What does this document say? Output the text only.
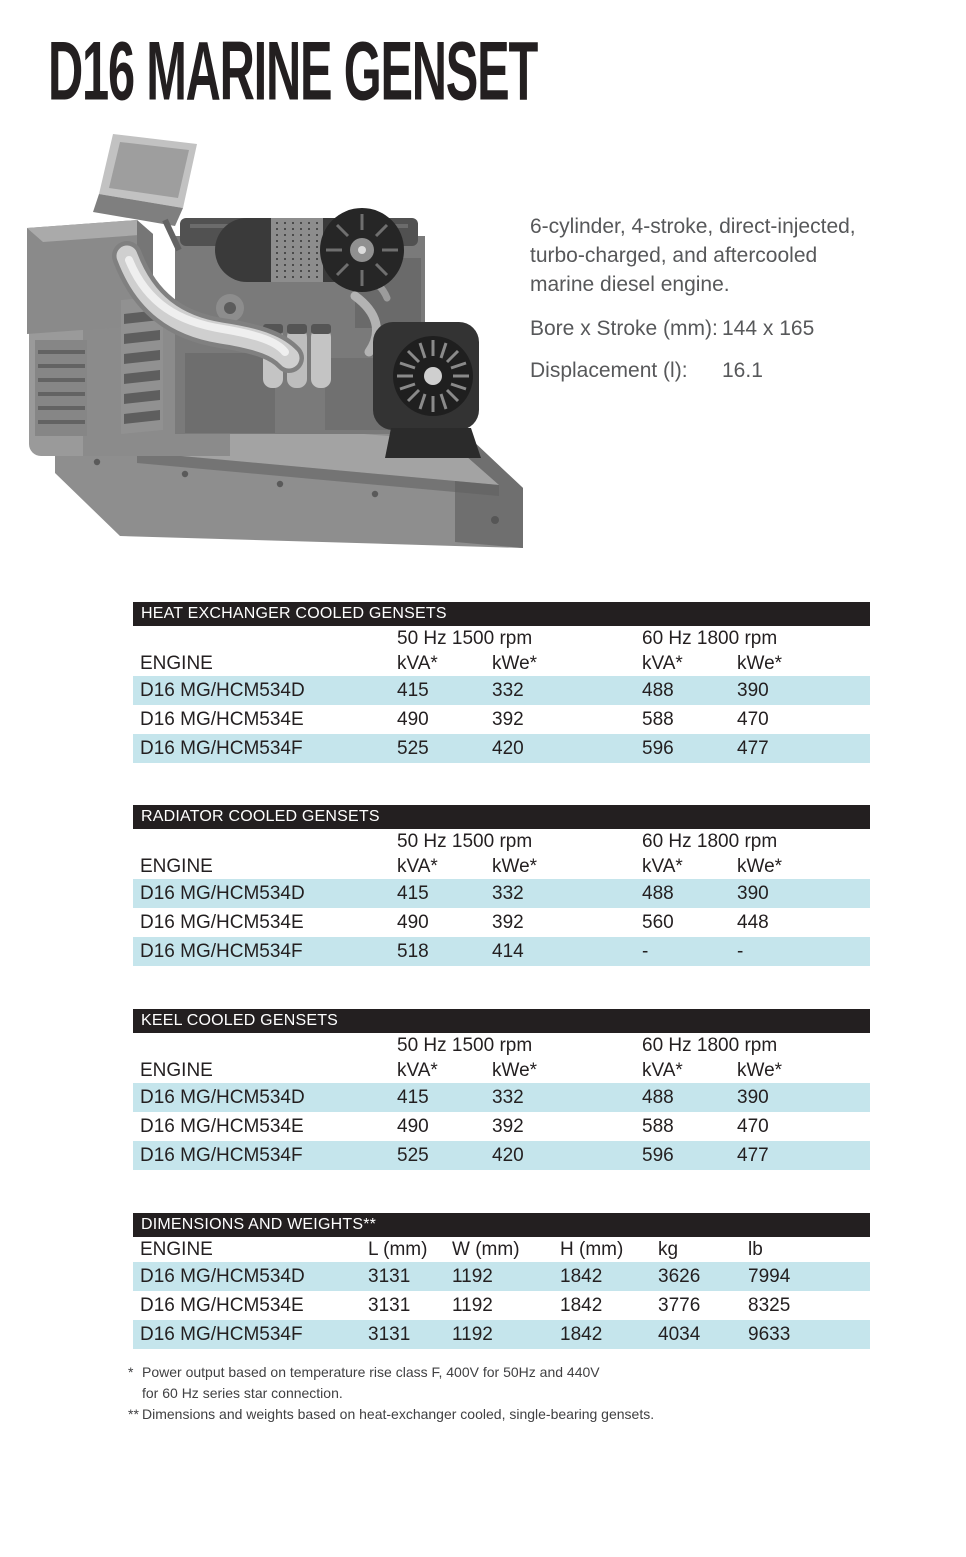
D16 MARINE GENSET

6-cylinder, 4-stroke, direct-injected, turbo-charged, and aftercooled marine diesel engine.

Bore x Stroke (mm): 144 x 165
Displacement (l):	16.1
HEAT EXCHANGER COOLED GENSETS
50 Hz 1500 rpm	60 Hz 1800 rpm
ENGINE	kVA*	kWe*	kVA*	kWe*
D16 MG/HCM534D	415	332	488	390
D16 MG/HCM534E	490	392	588	470
D16 MG/HCM534F	525	420	596	477
RADIATOR COOLED GENSETS
50 Hz 1500 rpm	60 Hz 1800 rpm
ENGINE	kVA*	kWe*	kVA*	kWe*
D16 MG/HCM534D	415	332	488	390
D16 MG/HCM534E	490	392	560	448
D16 MG/HCM534F	518	414	-	-
KEEL COOLED GENSETS
50 Hz 1500 rpm	60 Hz 1800 rpm
ENGINE	kVA*	kWe*	kVA*	kWe*
D16 MG/HCM534D	415	332	488	390
D16 MG/HCM534E	490	392	588	470
D16 MG/HCM534F	525	420	596	477
DIMENSIONS AND WEIGHTS**
ENGINE	L (mm)	W (mm)	H (mm)	kg	lb
D16 MG/HCM534D	3131	1192	1842	3626	7994
D16 MG/HCM534E	3131	1192	1842	3776	8325
D16 MG/HCM534F	3131	1192	1842	4034	9633
* Power output based on temperature rise class F, 400V for 50Hz and 440V
for 60 Hz series star connection.
** Dimensions and weights based on heat-exchanger cooled, single-bearing gensets.
